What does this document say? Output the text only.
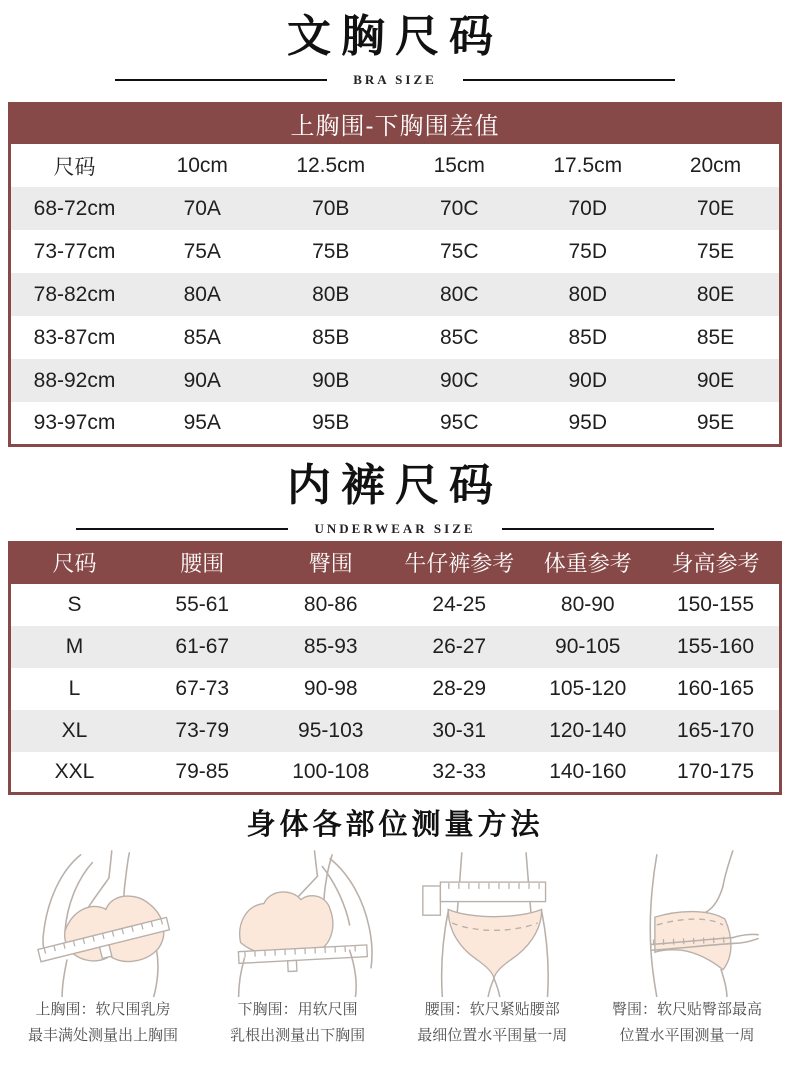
文胸尺码
BRA SIZE
上胸围-下胸围差值
尺码	10cm	12.5cm	15cm	17.5cm	20cm
68-72cm	70A	70B	70C	70D	70E
73-77cm	75A	75B	75C	75D	75E
78-82cm	80A	80B	80C	80D	80E
83-87cm	85A	85B	85C	85D	85E
88-92cm	90A	90B	90C	90D	90E
93-97cm	95A	95B	95C	95D	95E
内裤尺码
UNDERWEAR SIZE
尺码	腰围	臀围	牛仔裤参考	体重参考	身高参考
S	55-61	80-86	24-25	80-90	150-155
M	61-67	85-93	26-27	90-105	155-160
L	67-73	90-98	28-29	105-120	160-165
XL	73-79	95-103	30-31	120-140	165-170
XXL	79-85	100-108	32-33	140-160	170-175
身体各部位测量方法
上胸围：软尺围乳房
最丰满处测量出上胸围
下胸围：用软尺围
乳根出测量出下胸围
腰围：软尺紧贴腰部
最细位置水平围量一周
臀围：软尺贴臀部最高
位置水平围测量一周
